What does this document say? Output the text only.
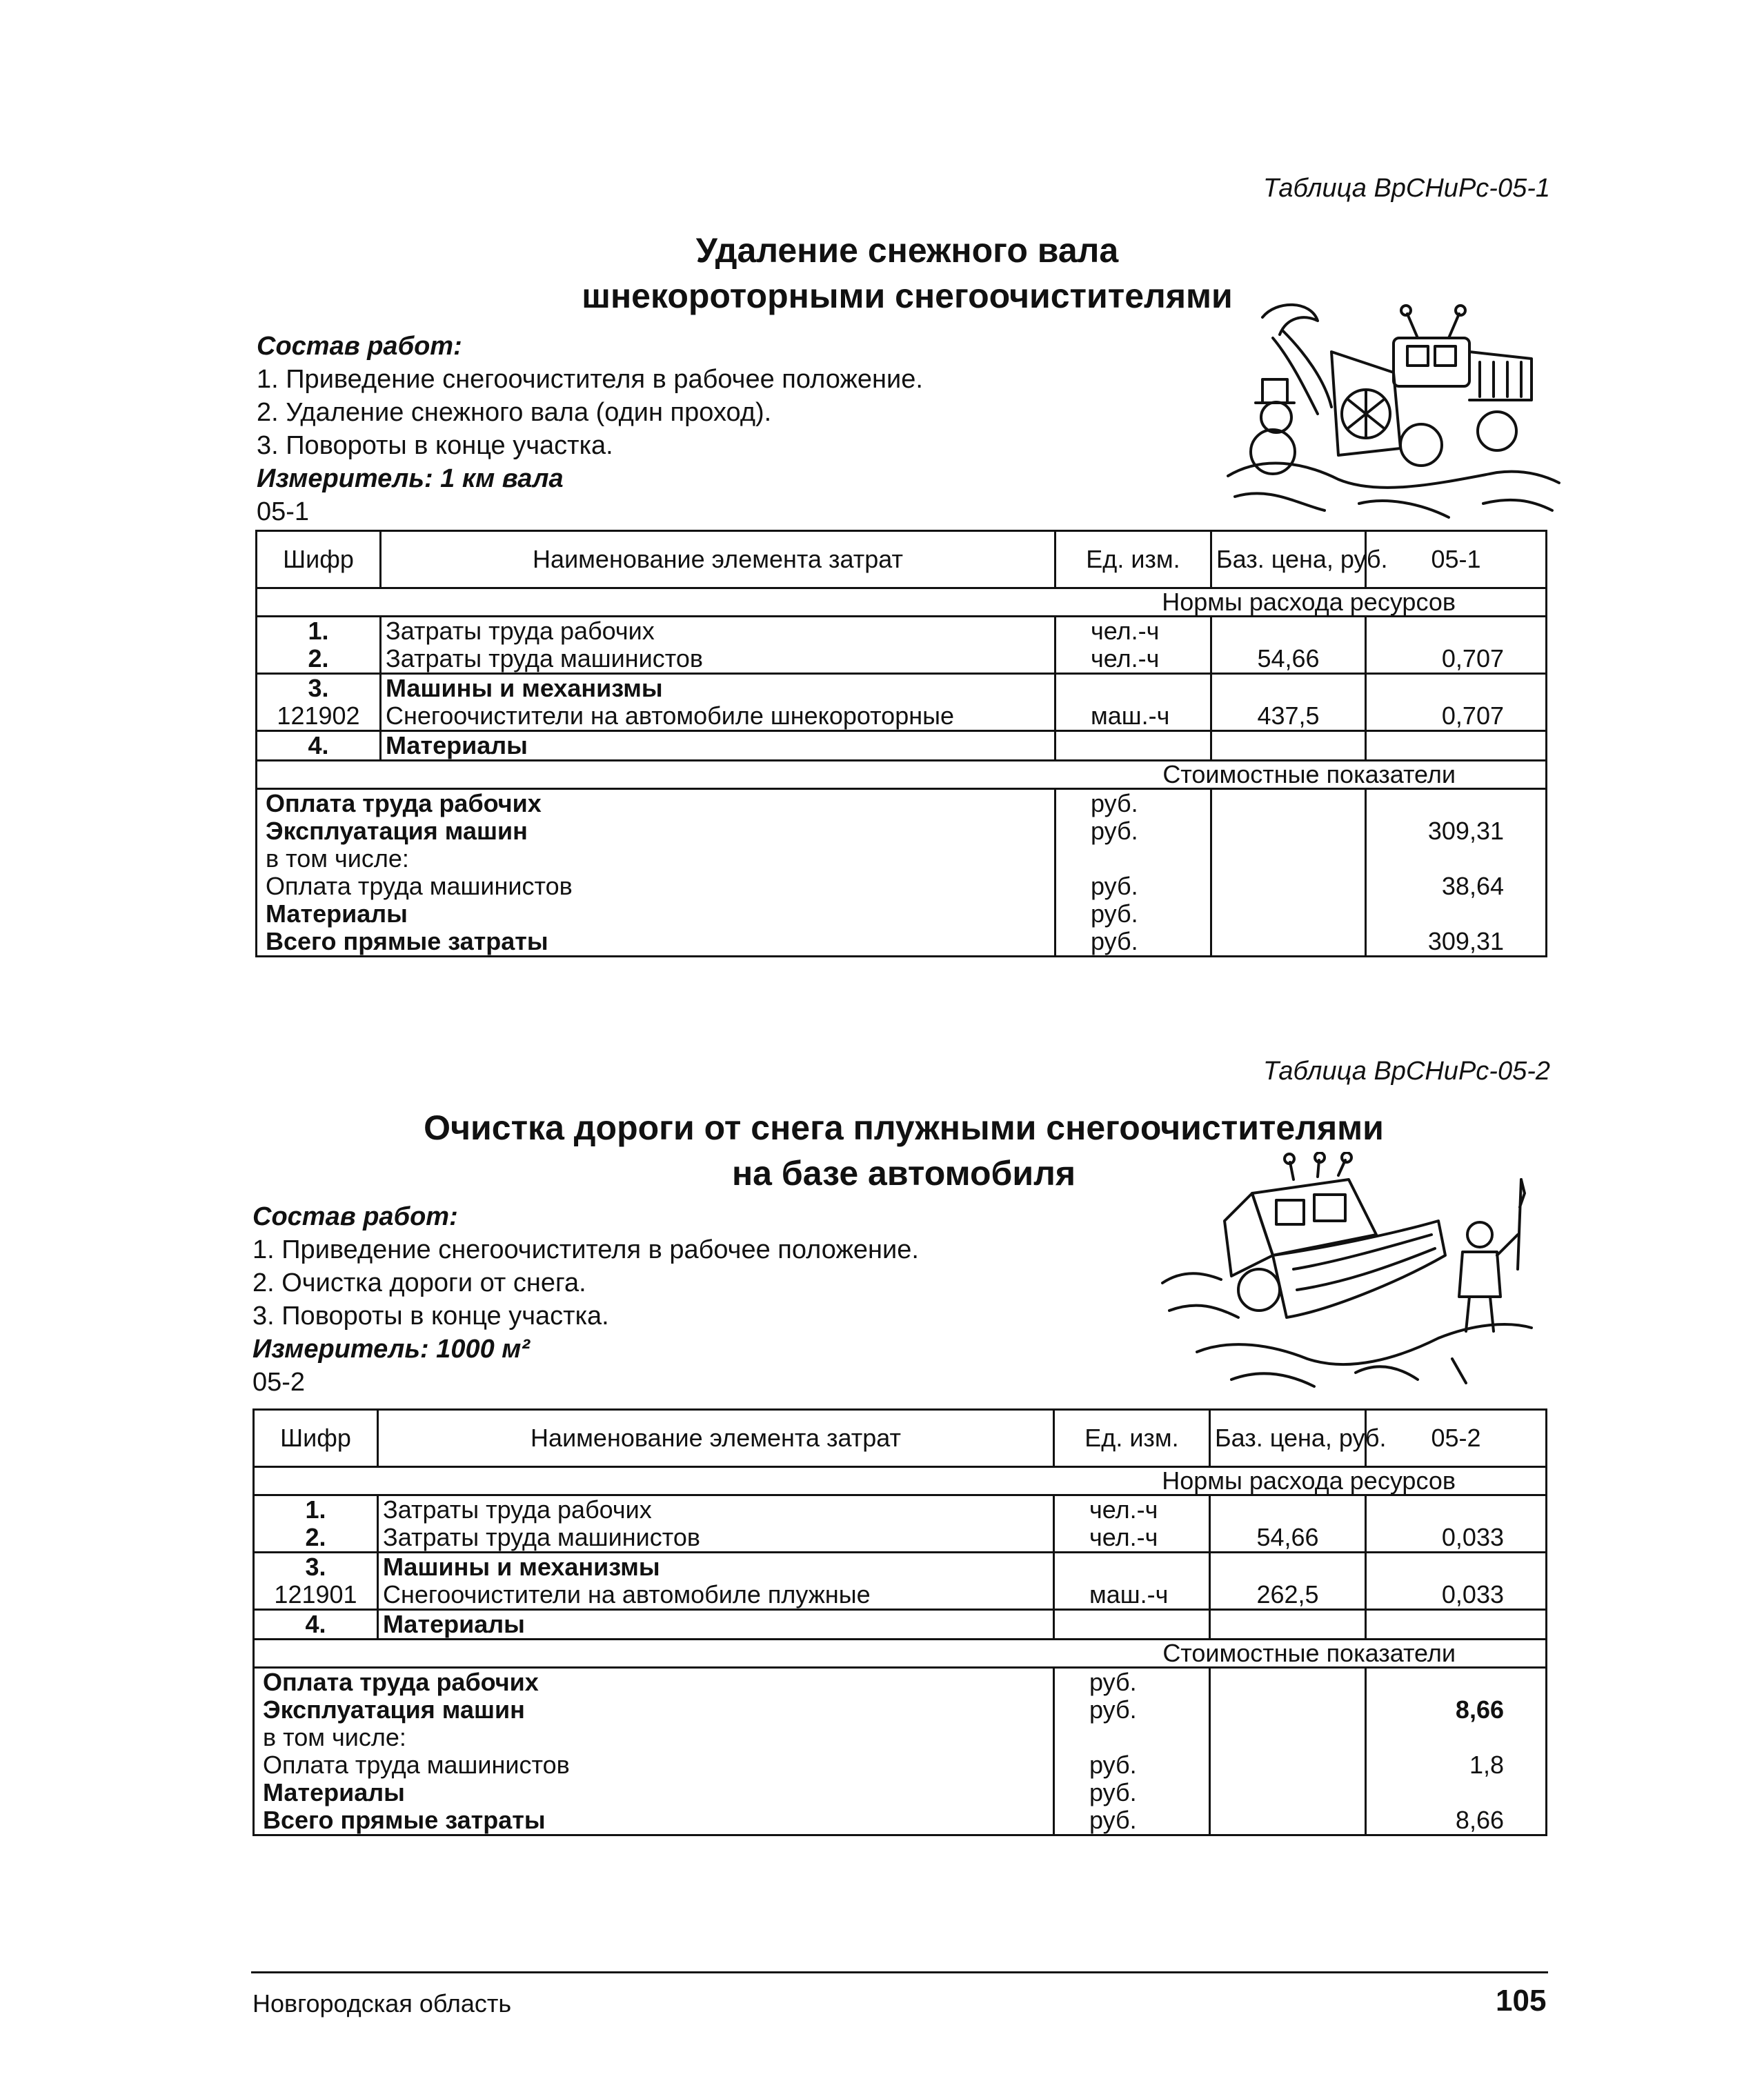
Таблица ВрСНиРс-05-1
Удаление снежного вала
шнекороторными снегоочистителями
Состав работ:
1. Приведение снегоочистителя в рабочее положение.
2. Удаление снежного вала (один проход).
3. Повороты в конце участка.
Измеритель: 1 км вала
05-1
Шифр	Наименование элемента затрат	Ед. изм.	Баз. цена, руб.	05-1
Нормы расхода ресурсов				
1.	Затраты труда рабочих	чел.-ч		
2.	Затраты труда машинистов	чел.-ч	54,66	0,707
3.	Машины и механизмы			
121902	Снегоочистители на автомобиле шнекороторные	маш.-ч	437,5	0,707
4.	Материалы			
Стоимостные показатели				
Оплата труда рабочих		руб.		
Эксплуатация машин		руб.		309,31
в том числе:				
Оплата труда машинистов		руб.		38,64
Материалы		руб.		
Всего прямые затраты		руб.		309,31
Таблица ВрСНиРс-05-2
Очистка дороги от снега плужными снегоочистителями
на базе автомобиля
Состав работ:
1. Приведение снегоочистителя в рабочее положение.
2. Очистка дороги от снега.
3. Повороты в конце участка.
Измеритель: 1000 м²
05-2
Шифр	Наименование элемента затрат	Ед. изм.	Баз. цена, руб.	05-2
Нормы расхода ресурсов				
1.	Затраты труда рабочих	чел.-ч		
2.	Затраты труда машинистов	чел.-ч	54,66	0,033
3.	Машины и механизмы			
121901	Снегоочистители на автомобиле плужные	маш.-ч	262,5	0,033
4.	Материалы			
Стоимостные показатели				
Оплата труда рабочих		руб.		
Эксплуатация машин		руб.		8,66
в том числе:				
Оплата труда машинистов		руб.		1,8
Материалы		руб.		
Всего прямые затраты		руб.		8,66
Новгородская область	105
